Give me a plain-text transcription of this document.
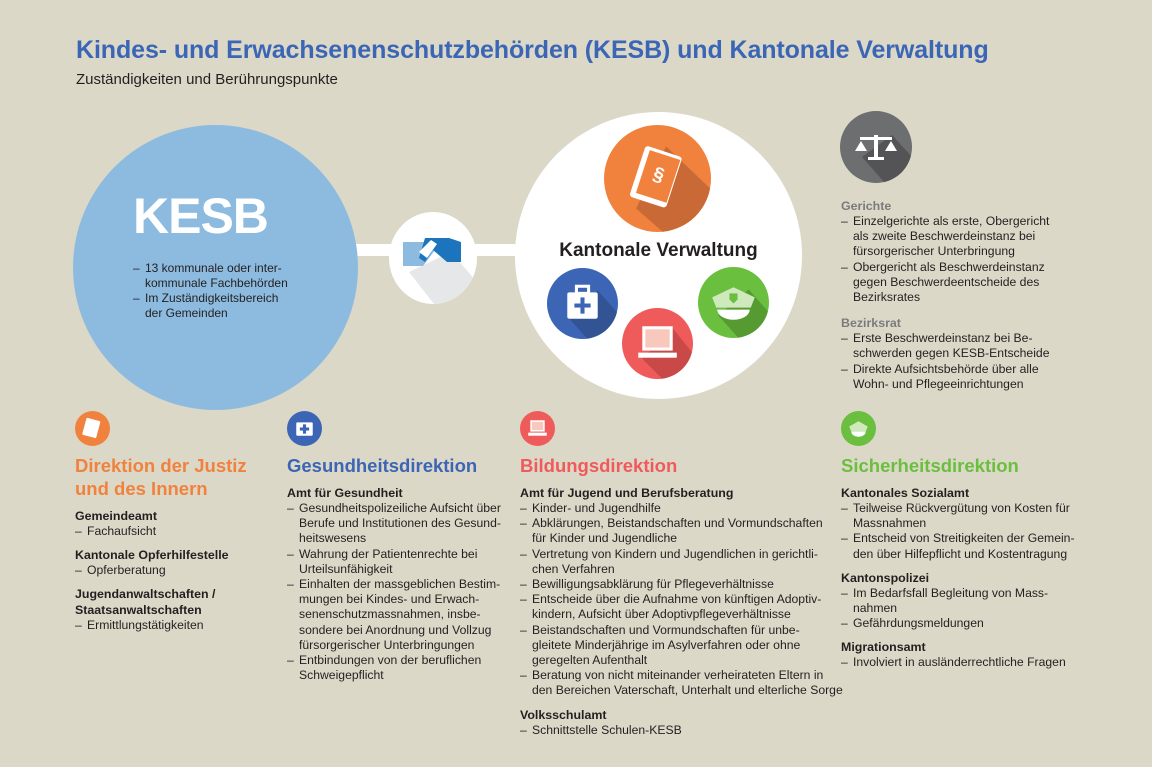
Kindes- und Erwachsenenschutzbehörden (KESB) und Kantonale Verwaltung
Zuständigkeiten und Berührungspunkte
KESB
– 13 kommunale oder inter-
kommunale Fachbehörden
– Im Zuständigkeitsbereich
der Gemeinden
§
Kantonale Verwaltung
Gerichte
– Einzelgerichte als erste, Obergericht
als zweite Beschwerdeinstanz bei
fürsorgerischer Unterbringung
– Obergericht als Beschwerdeinstanz
gegen Beschwerdeentscheide des
Bezirksrates
Bezirksrat
– Erste Beschwerdeinstanz bei Be-
schwerden gegen KESB-Entscheide
– Direkte Aufsichtsbehörde über alle
Wohn- und Pflegeeinrichtungen
Direktion der Justiz
und des Innern
Gemeindeamt
– Fachaufsicht
Kantonale Opferhilfestelle
– Opferberatung
Jugendanwaltschaften /
Staatsanwaltschaften
– Ermittlungstätigkeiten
Gesundheitsdirektion
Amt für Gesundheit
– Gesundheitspolizeiliche Aufsicht über
Berufe und Institutionen des Gesund-
heitswesens
– Wahrung der Patientenrechte bei
Urteilsunfähigkeit
– Einhalten der massgeblichen Bestim-
mungen bei Kindes- und Erwach-
senenschutzmassnahmen, insbe-
sondere bei Anordnung und Vollzug
fürsorgerischer Unterbringungen
– Entbindungen von der beruflichen
Schweigepflicht
Bildungsdirektion
Amt für Jugend und Berufsberatung
– Kinder- und Jugendhilfe
– Abklärungen, Beistandschaften und Vormundschaften
für Kinder und Jugendliche
– Vertretung von Kindern und Jugendlichen in gerichtli-
chen Verfahren
– Bewilligungsabklärung für Pflegeverhältnisse
– Entscheide über die Aufnahme von künftigen Adoptiv-
kindern, Aufsicht über Adoptivpflegeverhältnisse
– Beistandschaften und Vormundschaften für unbe-
gleitete Minderjährige im Asylverfahren oder ohne
geregelten Aufenthalt
– Beratung von nicht miteinander verheirateten Eltern in
den Bereichen Vaterschaft, Unterhalt und elterliche Sorge
Volksschulamt
– Schnittstelle Schulen-KESB
Sicherheitsdirektion
Kantonales Sozialamt
– Teilweise Rückvergütung von Kosten für
Massnahmen
– Entscheid von Streitigkeiten der Gemein-
den über Hilfepflicht und Kostentragung
Kantonspolizei
– Im Bedarfsfall Begleitung von Mass-
nahmen
– Gefährdungsmeldungen
Migrationsamt
– Involviert in ausländerrechtliche Fragen
